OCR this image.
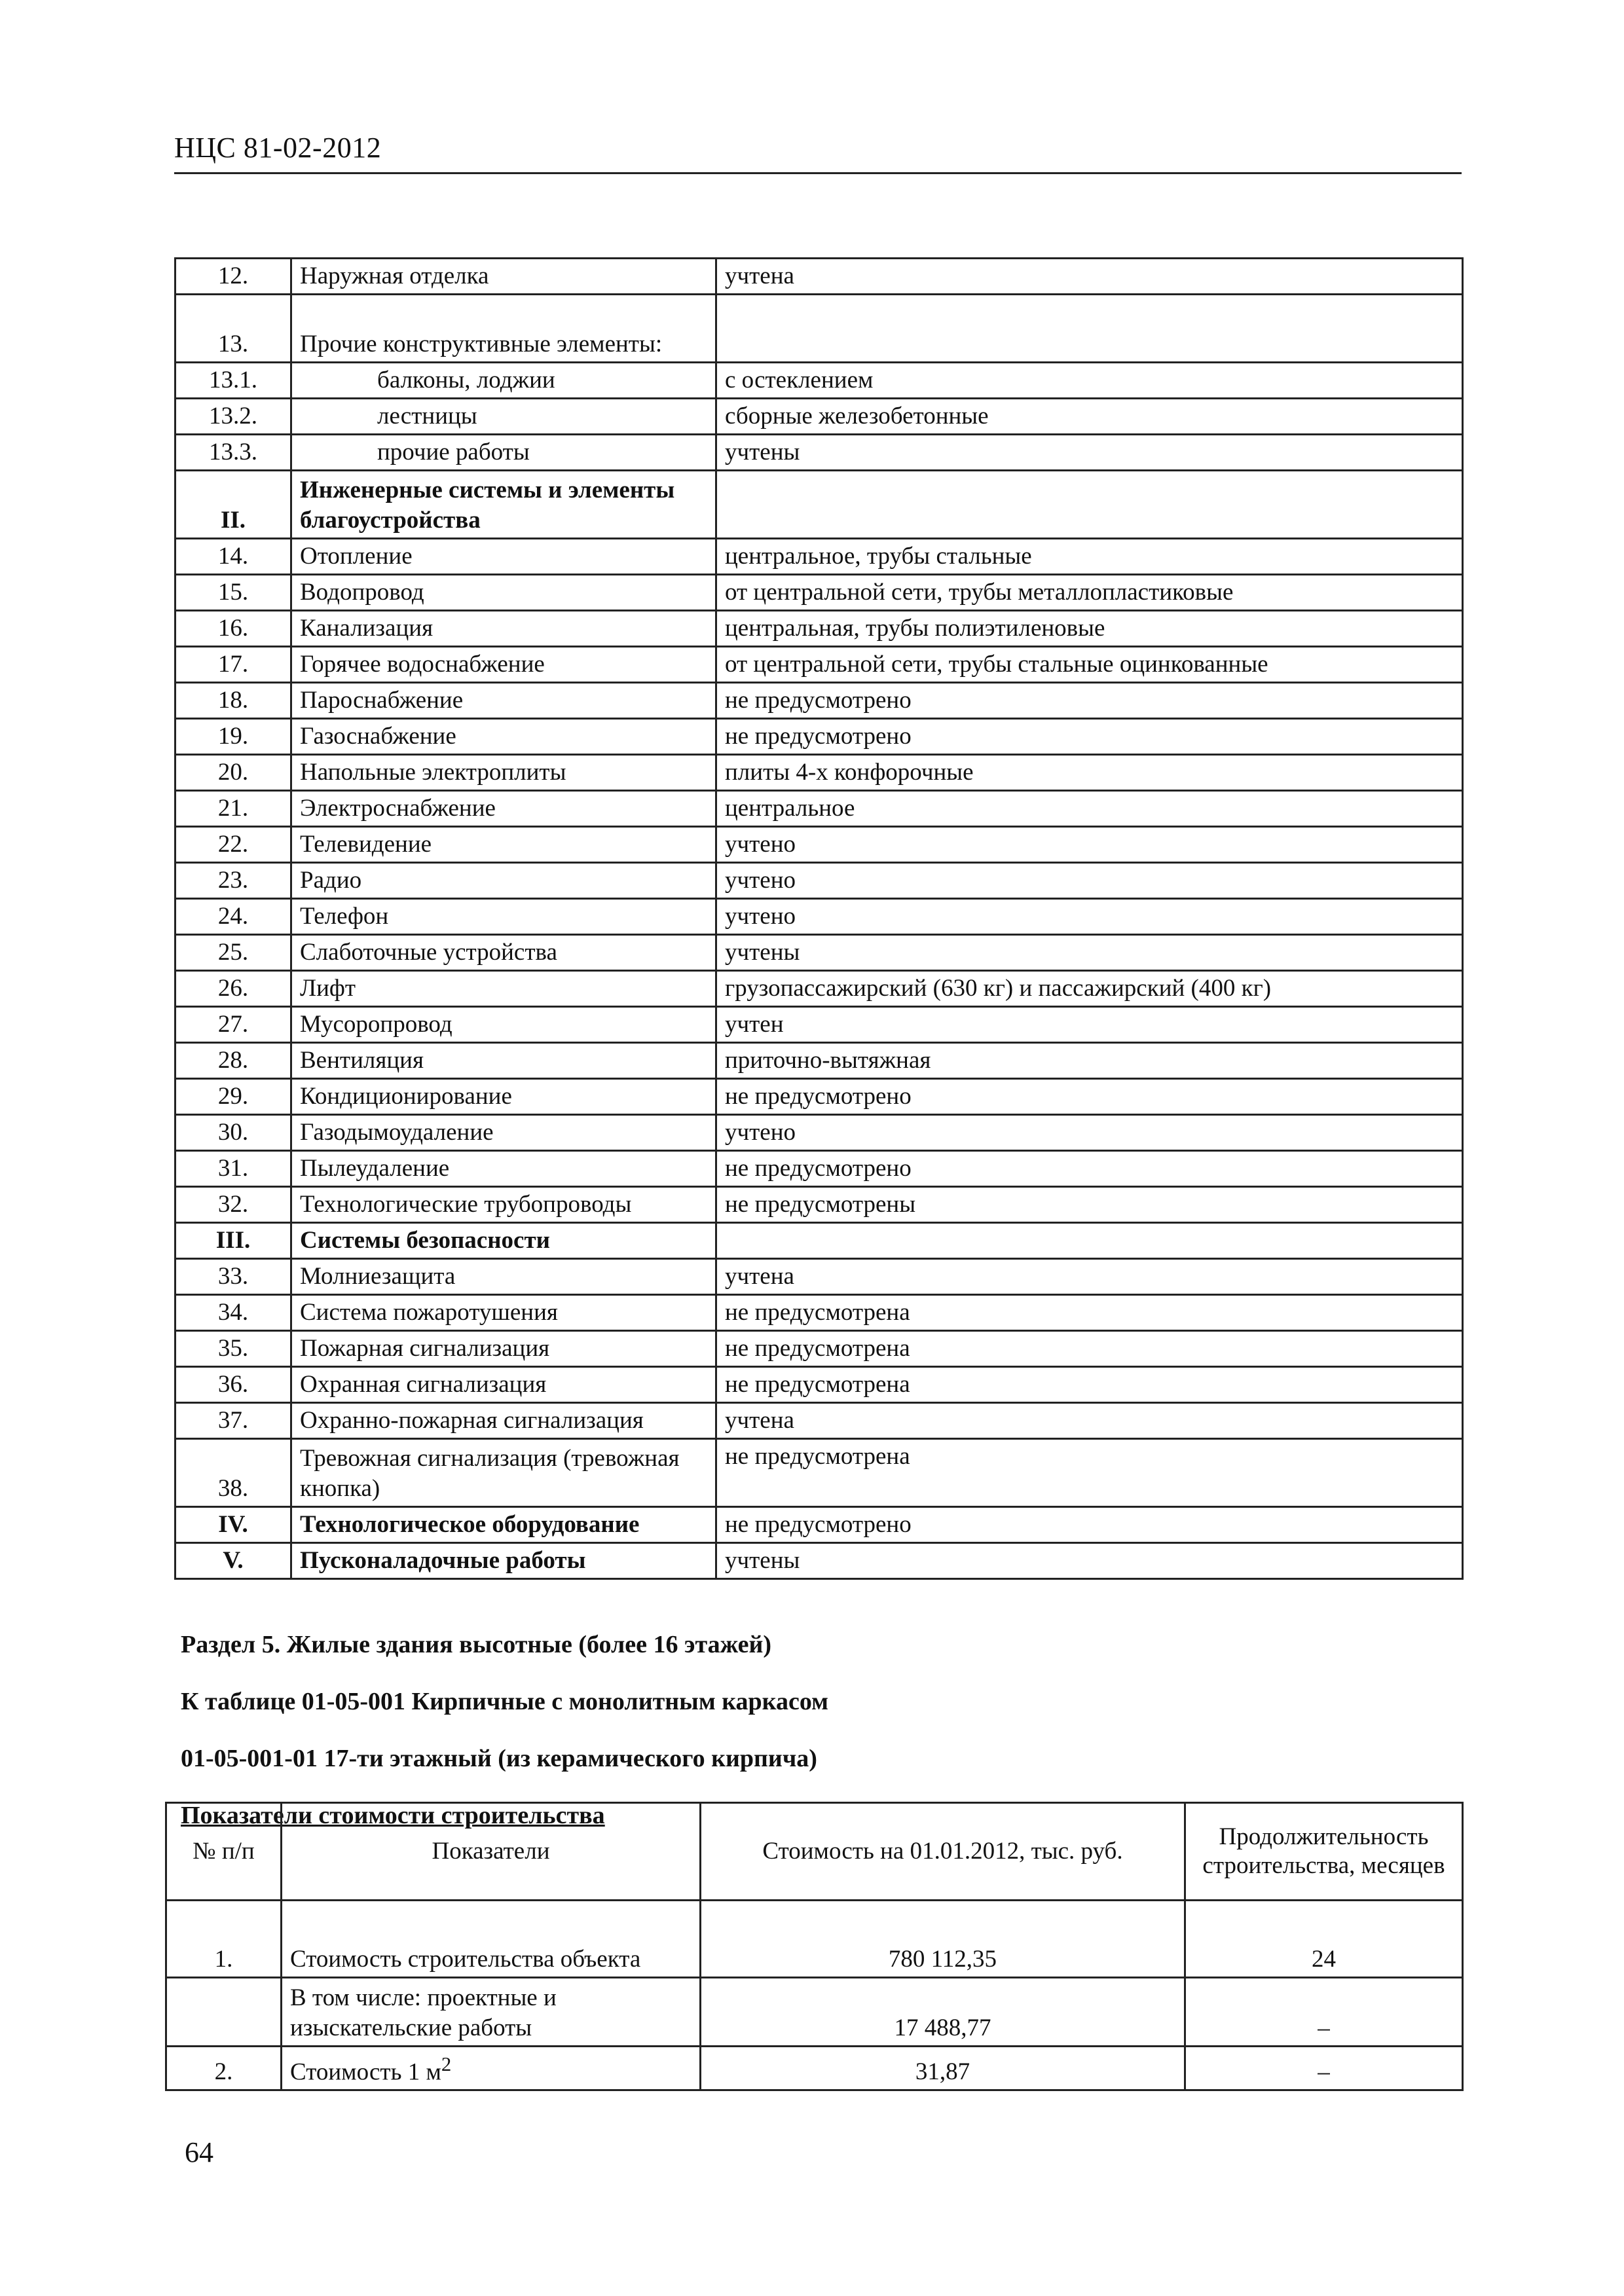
НЦС 81-02-2012
12.	Наружная отделка	учтена
13.	Прочие конструктивные элементы:	
13.1.	балконы, лоджии	с остеклением
13.2.	лестницы	сборные железобетонные
13.3.	прочие работы	учтены
II.	Инженерные системы и элементы благоустройства	
14.	Отопление	центральное, трубы стальные
15.	Водопровод	от центральной сети, трубы металлопластиковые
16.	Канализация	центральная, трубы полиэтиленовые
17.	Горячее водоснабжение	от центральной сети, трубы стальные оцинкованные
18.	Пароснабжение	не предусмотрено
19.	Газоснабжение	не предусмотрено
20.	Напольные электроплиты	плиты 4-х конфорочные
21.	Электроснабжение	центральное
22.	Телевидение	учтено
23.	Радио	учтено
24.	Телефон	учтено
25.	Слаботочные устройства	учтены
26.	Лифт	грузопассажирский (630 кг) и пассажирский (400 кг)
27.	Мусоропровод	учтен
28.	Вентиляция	приточно-вытяжная
29.	Кондиционирование	не предусмотрено
30.	Газодымоудаление	учтено
31.	Пылеудаление	не предусмотрено
32.	Технологические трубопроводы	не предусмотрены
III.	Системы безопасности	
33.	Молниезащита	учтена
34.	Система пожаротушения	не предусмотрена
35.	Пожарная сигнализация	не предусмотрена
36.	Охранная сигнализация	не предусмотрена
37.	Охранно-пожарная сигнализация	учтена
38.	Тревожная сигнализация (тревожная кнопка)	не предусмотрена
IV.	Технологическое оборудование	не предусмотрено
V.	Пусконаладочные работы	учтены

Раздел 5. Жилые здания высотные (более 16 этажей)

К таблице 01-05-001 Кирпичные с монолитным каркасом

01-05-001-01 17-ти этажный (из керамического кирпича)

Показатели стоимости строительства

№ п/п	Показатели	Стоимость на 01.01.2012, тыс. руб.	Продолжительность строительства, месяцев
1.	Стоимость строительства объекта	780 112,35	24
	В том числе: проектные и изыскательские работы	17 488,77	–
2.	Стоимость 1 $м^2$	31,87	–
64
